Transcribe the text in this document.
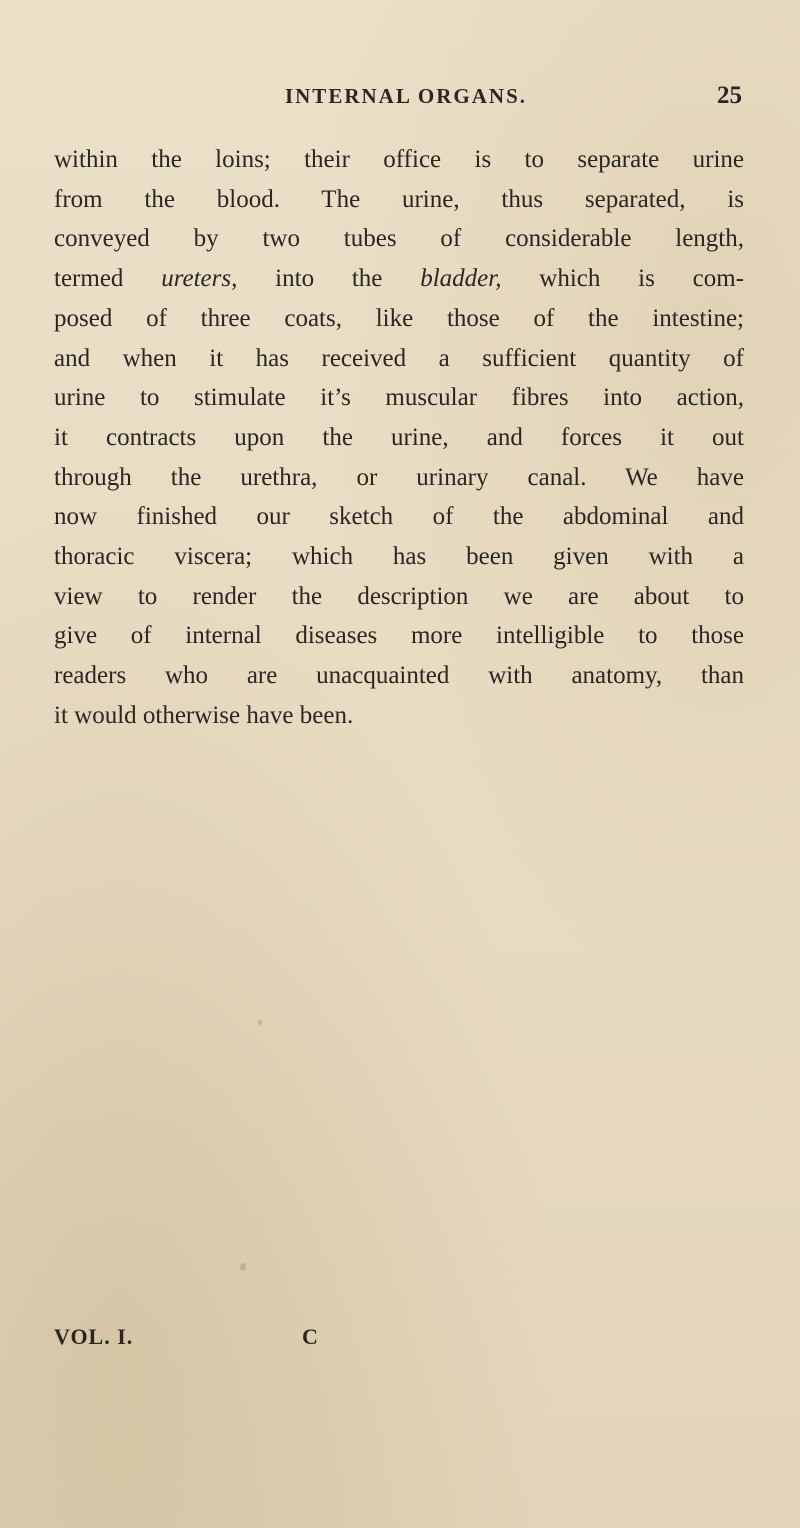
INTERNAL ORGANS.	25
within the loins; their office is to separate urine
from the blood. The urine, thus separated, is
conveyed by two tubes of considerable length,
termed ureters, into the bladder, which is com-
posed of three coats, like those of the intestine;
and when it has received a sufficient quantity of
urine to stimulate it’s muscular fibres into action,
it contracts upon the urine, and forces it out
through the urethra, or urinary canal. We have
now finished our sketch of the abdominal and
thoracic viscera; which has been given with a
view to render the description we are about to
give of internal diseases more intelligible to those
readers who are unacquainted with anatomy, than
it would otherwise have been.
VOL. I.	C
